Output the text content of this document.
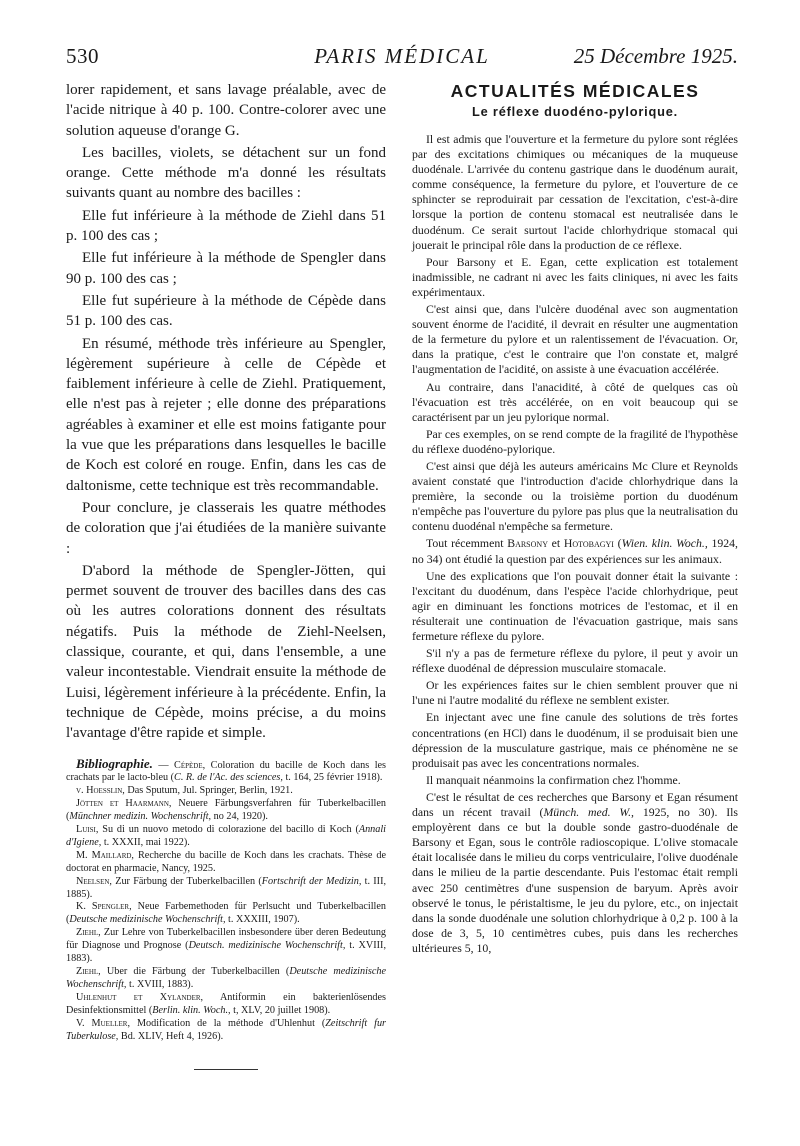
530	PARIS MÉDICAL	25 Décembre 1925.

lorer rapidement, et sans lavage préalable, avec de l'acide nitrique à 40 p. 100. Contre-colorer avec une solution aqueuse d'orange G.

Les bacilles, violets, se détachent sur un fond orange. Cette méthode m'a donné les résultats suivants quant au nombre des bacilles :

Elle fut inférieure à la méthode de Ziehl dans 51 p. 100 des cas ;

Elle fut inférieure à la méthode de Spengler dans 90 p. 100 des cas ;

Elle fut supérieure à la méthode de Cépède dans 51 p. 100 des cas.

En résumé, méthode très inférieure au Spengler, légèrement supérieure à celle de Cépède et faiblement inférieure à celle de Ziehl. Pratiquement, elle n'est pas à rejeter ; elle donne des préparations agréables à examiner et elle est moins fatigante pour la vue que les préparations dans lesquelles le bacille de Koch est coloré en rouge. Enfin, dans les cas de daltonisme, cette technique est très recommandable.

Pour conclure, je classerais les quatre méthodes de coloration que j'ai étudiées de la manière suivante :

D'abord la méthode de Spengler-Jötten, qui permet souvent de trouver des bacilles dans des cas où les autres colorations donnent des résultats négatifs. Puis la méthode de Ziehl-Neelsen, classique, courante, et qui, dans l'ensemble, a une valeur incontestable. Viendrait ensuite la méthode de Luisi, légèrement inférieure à la précédente. Enfin, la technique de Cépède, moins précise, a du moins l'avantage d'être rapide et simple.

Bibliographie. — Cépède, Coloration du bacille de Koch dans les crachats par le lacto-bleu (C. R. de l'Ac. des sciences, t. 164, 25 février 1918).

v. Hoesslin, Das Sputum, Jul. Springer, Berlin, 1921.

Jötten et Haarmann, Neuere Färbungsverfahren für Tuberkelbacillen (Münchner medizin. Wochenschrift, no 24, 1920).

Luisi, Su di un nuovo metodo di colorazione del bacillo di Koch (Annali d'Igiene, t. XXXII, mai 1922).

M. Maillard, Recherche du bacille de Koch dans les crachats. Thèse de doctorat en pharmacie, Nancy, 1925.

Neelsen, Zur Färbung der Tuberkelbacillen (Fortschrift der Medizin, t. III, 1885).

K. Spengler, Neue Farbemethoden für Perlsucht und Tuberkelbacillen (Deutsche medizinische Wochenschrift, t. XXXIII, 1907).

Ziehl, Zur Lehre von Tuberkelbacillen insbesondere über deren Bedeutung für Diagnose und Prognose (Deutsch. medizinische Wochenschrift, t. XVIII, 1883).

Ziehl, Uber die Färbung der Tuberkelbacillen (Deutsche medizinische Wochenschrift, t. XVIII, 1883).

Uhlenhut et Xylander, Antiformin ein bakterienlösendes Desinfektionsmittel (Berlin. klin. Woch., t, XLV, 20 juillet 1908).

V. Mueller, Modification de la méthode d'Uhlenhut (Zeitschrift fur Tuberkulose, Bd. XLIV, Heft 4, 1926).

ACTUALITÉS MÉDICALES
Le réflexe duodéno-pylorique.

Il est admis que l'ouverture et la fermeture du pylore sont réglées par des excitations chimiques ou mécaniques de la muqueuse duodénale. L'arrivée du contenu gastrique dans le duodénum aurait, comme conséquence, la fermeture du pylore, et l'ouverture de ce sphincter se reproduirait par cessation de l'excitation, c'est-à-dire lorsque la portion de contenu stomacal est neutralisée dans le duodénum. Ce serait surtout l'acide chlorhydrique stomacal qui jouerait le principal rôle dans la production de ce réflexe.

Pour Barsony et E. Egan, cette explication est totalement inadmissible, ne cadrant ni avec les faits cliniques, ni avec les faits expérimentaux.

C'est ainsi que, dans l'ulcère duodénal avec son augmentation souvent énorme de l'acidité, il devrait en résulter une augmentation de la fermeture du pylore et un ralentissement de l'évacuation. Or, dans la pratique, c'est le contraire que l'on constate et, malgré l'augmentation de l'acidité, on assiste à une évacuation accélérée.

Au contraire, dans l'anacidité, à côté de quelques cas où l'évacuation est très accélérée, on en voit beaucoup qui se caractérisent par un jeu pylorique normal.

Par ces exemples, on se rend compte de la fragilité de l'hypothèse du réflexe duodéno-pylorique.

C'est ainsi que déjà les auteurs américains Mc Clure et Reynolds avaient constaté que l'introduction d'acide chlorhydrique dans la première, la seconde ou la troisième portion du duodénum n'empêche pas l'ouverture du pylore pas plus que la neutralisation du contenu duodénal n'empêche sa fermeture.

Tout récemment Barsony et Hotobagyi (Wien. klin. Woch., 1924, no 34) ont étudié la question par des expériences sur les animaux.

Une des explications que l'on pouvait donner était la suivante : l'excitant du duodénum, dans l'espèce l'acide chlorhydrique, peut agir en diminuant les fonctions motrices de l'estomac, et il en résulterait une continuation de l'évacuation gastrique, mais sans fermeture réflexe du pylore.

S'il n'y a pas de fermeture réflexe du pylore, il peut y avoir un réflexe duodénal de dépression musculaire stomacale.

Or les expériences faites sur le chien semblent prouver que ni l'une ni l'autre modalité du réflexe ne semblent exister.

En injectant avec une fine canule des solutions de très fortes concentrations (en HCl) dans le duodénum, il se produisait bien une dépression de la musculature gastrique, mais ce phénomène ne se produisait pas avec les concentrations normales.

Il manquait néanmoins la confirmation chez l'homme.

C'est le résultat de ces recherches que Barsony et Egan résument dans un récent travail (Münch. med. W., 1925, no 30). Ils employèrent dans ce but la double sonde gastro-duodénale de Barsony et Egan, sous le contrôle radioscopique. L'olive stomacale était localisée dans le milieu du corps ventriculaire, l'olive duodénale dans le milieu de la partie descendante. Puis l'estomac était rempli avec 250 centimètres d'une suspension de baryum. Après avoir observé le tonus, le péristaltisme, le jeu du pylore, etc., on injectait dans la sonde duodénale une solution chlorhydrique à 0,2 p. 100 à la dose de 3, 5, 10 centimètres cubes, puis dans les recherches ultérieures 5, 10,
